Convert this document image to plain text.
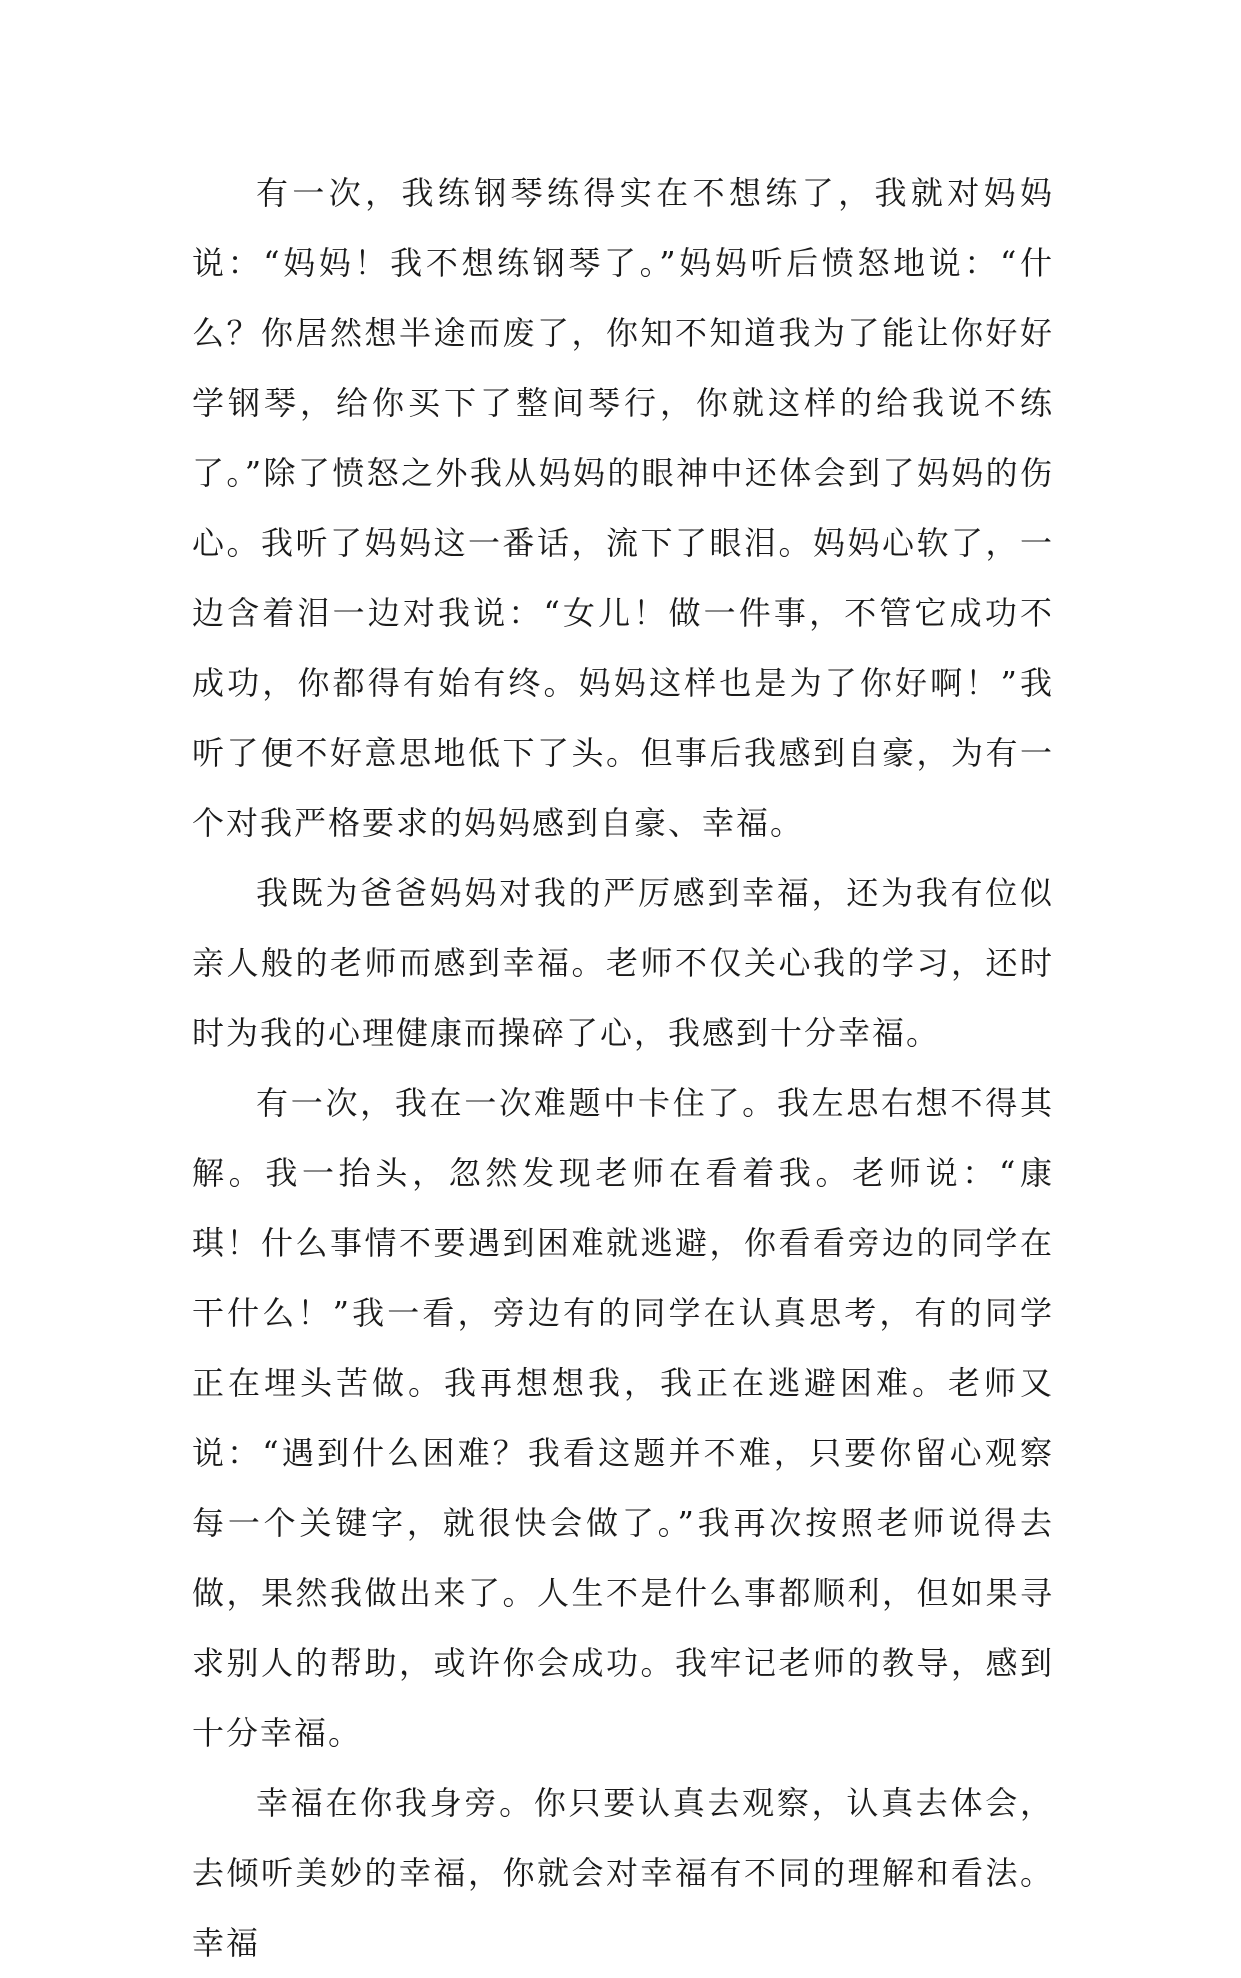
有一次，我练钢琴练得实在不想练了，我就对妈妈说：“妈妈！我不想练钢琴了。”妈妈听后愤怒地说：“什么？你居然想半途而废了，你知不知道我为了能让你好好学钢琴，给你买下了整间琴行，你就这样的给我说不练了。”除了愤怒之外我从妈妈的眼神中还体会到了妈妈的伤心。我听了妈妈这一番话，流下了眼泪。妈妈心软了，一边含着泪一边对我说：“女儿！做一件事，不管它成功不成功，你都得有始有终。妈妈这样也是为了你好啊！”我听了便不好意思地低下了头。但事后我感到自豪，为有一个对我严格要求的妈妈感到自豪、幸福。

我既为爸爸妈妈对我的严厉感到幸福，还为我有位似亲人般的老师而感到幸福。老师不仅关心我的学习，还时时为我的心理健康而操碎了心，我感到十分幸福。

有一次，我在一次难题中卡住了。我左思右想不得其解。我一抬头，忽然发现老师在看着我。老师说：“康琪！什么事情不要遇到困难就逃避，你看看旁边的同学在干什么！”我一看，旁边有的同学在认真思考，有的同学正在埋头苦做。我再想想我，我正在逃避困难。老师又说：“遇到什么困难？我看这题并不难，只要你留心观察每一个关键字，就很快会做了。”我再次按照老师说得去做，果然我做出来了。人生不是什么事都顺利，但如果寻求别人的帮助，或许你会成功。我牢记老师的教导，感到十分幸福。

幸福在你我身旁。你只要认真去观察，认真去体会，去倾听美妙的幸福，你就会对幸福有不同的理解和看法。幸福
